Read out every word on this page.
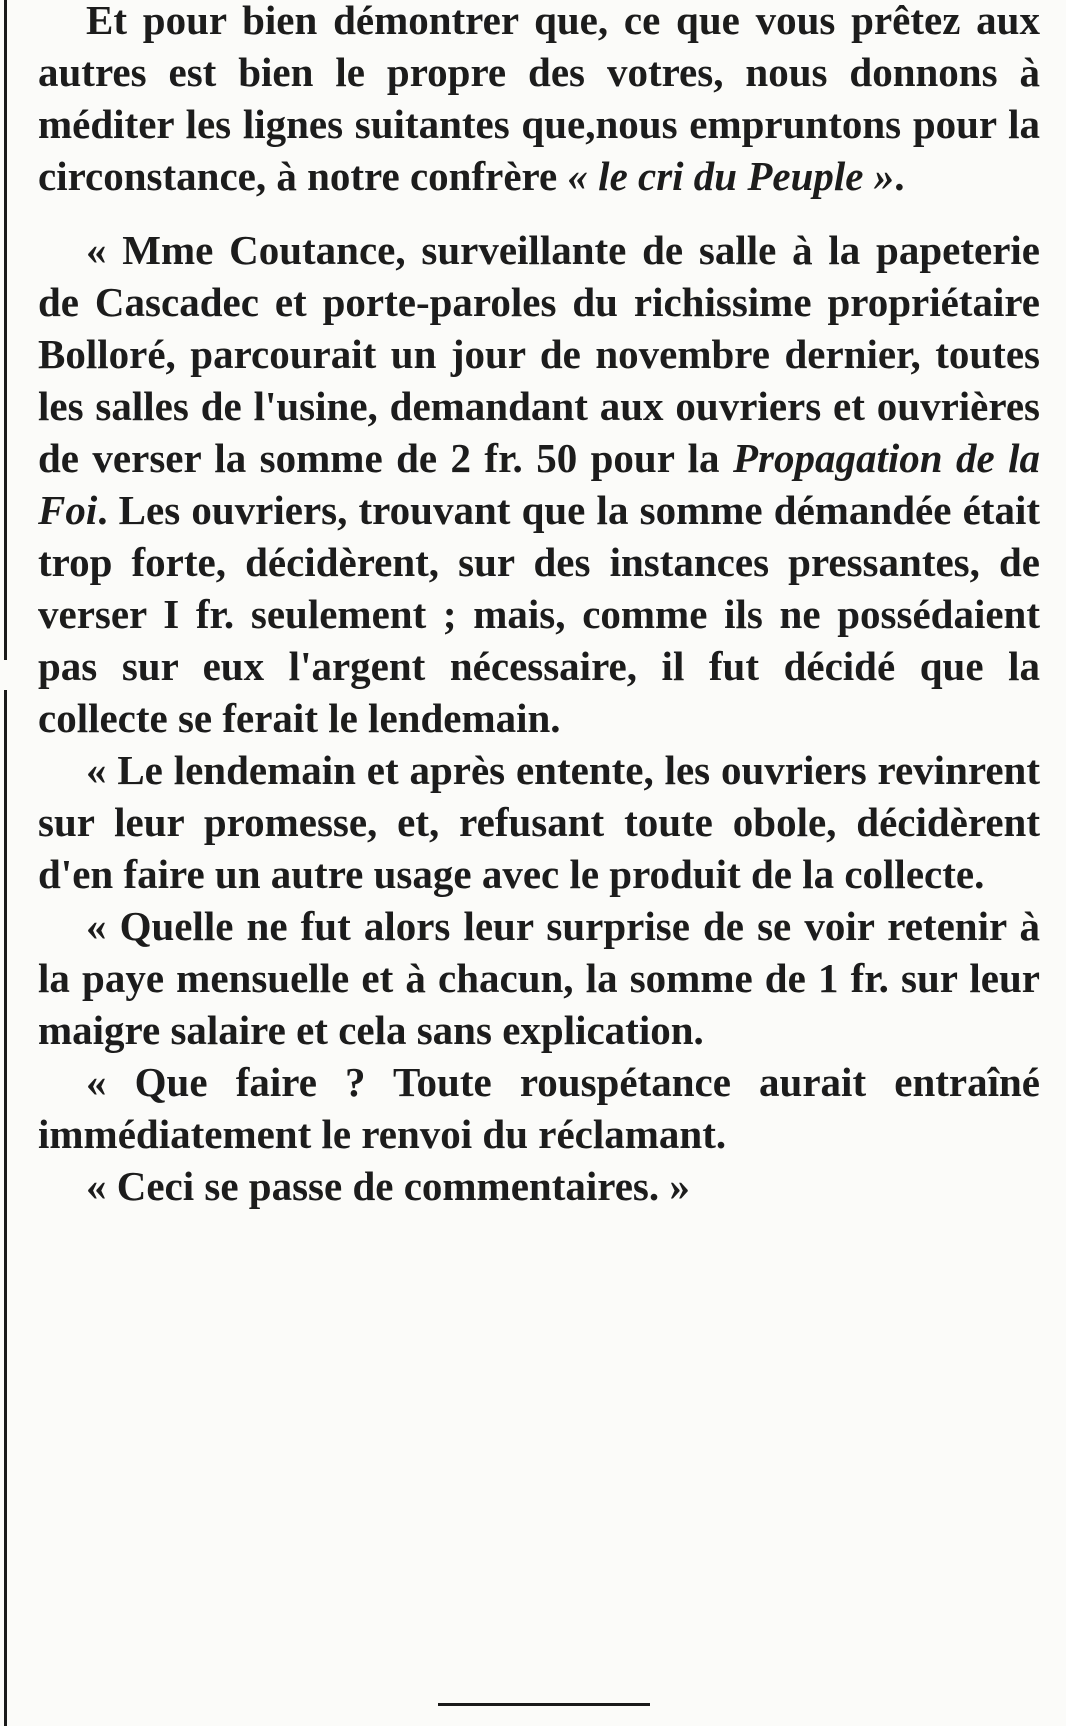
Et pour bien démontrer que, ce que vous prêtez aux autres est bien le propre des votres, nous donnons à méditer les lignes suitantes que,nous empruntons pour la circonstance, à notre confrère « le cri du Peuple ».

« Mme Coutance, surveillante de salle à la papeterie de Cascadec et porte-paroles du richissime propriétaire Bolloré, parcourait un jour de novembre dernier, toutes les salles de l'usine, demandant aux ouvriers et ouvrières de verser la somme de 2 fr. 50 pour la Propagation de la Foi. Les ouvriers, trouvant que la somme démandée était trop forte, décidèrent, sur des instances pressantes, de verser I fr. seulement ; mais, comme ils ne possédaient pas sur eux l'argent nécessaire, il fut décidé que la collecte se ferait le lendemain.

« Le lendemain et après entente, les ouvriers revinrent sur leur promesse, et, refusant toute obole, décidèrent d'en faire un autre usage avec le produit de la collecte.

« Quelle ne fut alors leur surprise de se voir retenir à la paye mensuelle et à chacun, la somme de 1 fr. sur leur maigre salaire et cela sans explication.

« Que faire ? Toute rouspétance aurait entraîné immédiatement le renvoi du réclamant.

« Ceci se passe de commentaires. »
